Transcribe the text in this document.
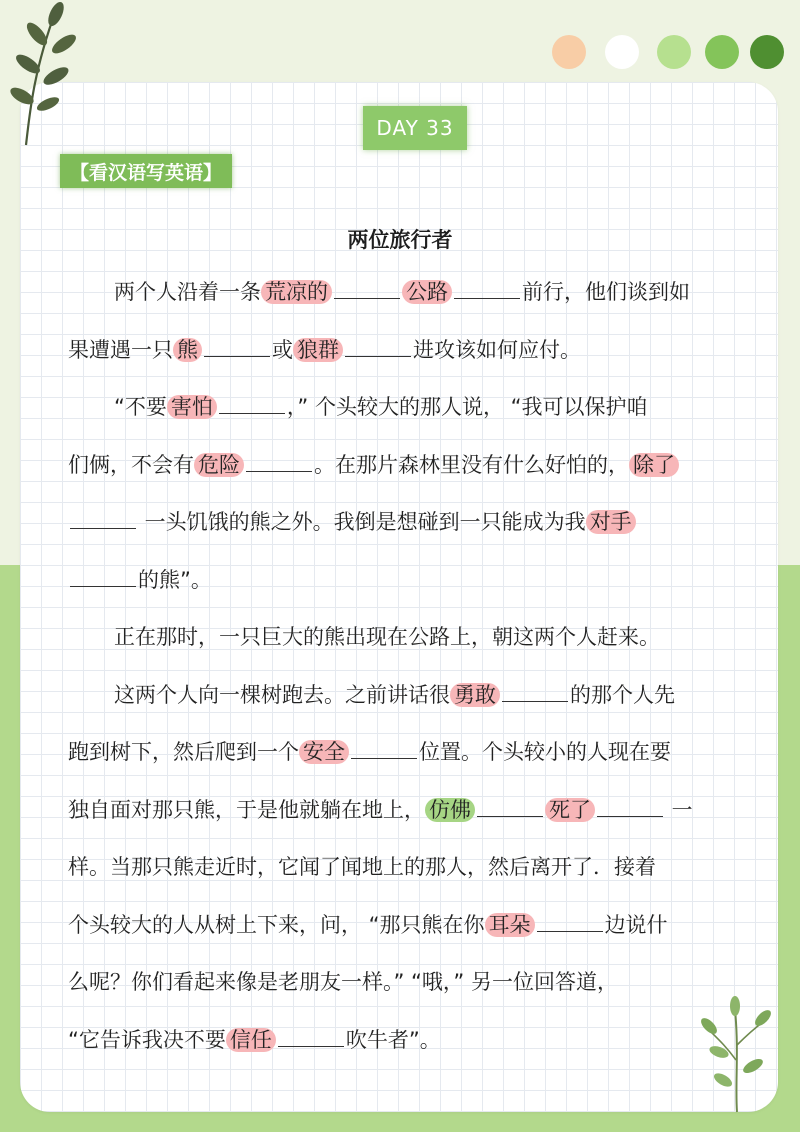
DAY 33
【看汉语写英语】
两位旅行者

两个人沿着一条 荒凉的	公路	前行，他们谈到如

果遭遇一只 熊	或 狼群	进攻该如何应付。

“不要 害怕	，” 个头较大的那人说， “我可以保护咱

们俩，不会有 危险	。在那片森林里没有什么好怕的， 除了

一头饥饿的熊之外。我倒是想碰到一只能成为我 对手

的熊”。

正在那时，一只巨大的熊出现在公路上，朝这两个人赶来。

这两个人向一棵树跑去。之前讲话很 勇敢	的那个人先

跑到树下，然后爬到一个 安全	位置。个头较小的人现在要

独自面对那只熊，于是他就躺在地上， 仿佛	死了	一

样。当那只熊走近时，它闻了闻地上的那人，然后离开了．接着

个头较大的人从树上下来，问， “那只熊在你 耳朵	边说什

么呢？你们看起来像是老朋友一样。” “哦，” 另一位回答道，

“它告诉我决不要 信任	吹牛者”。
